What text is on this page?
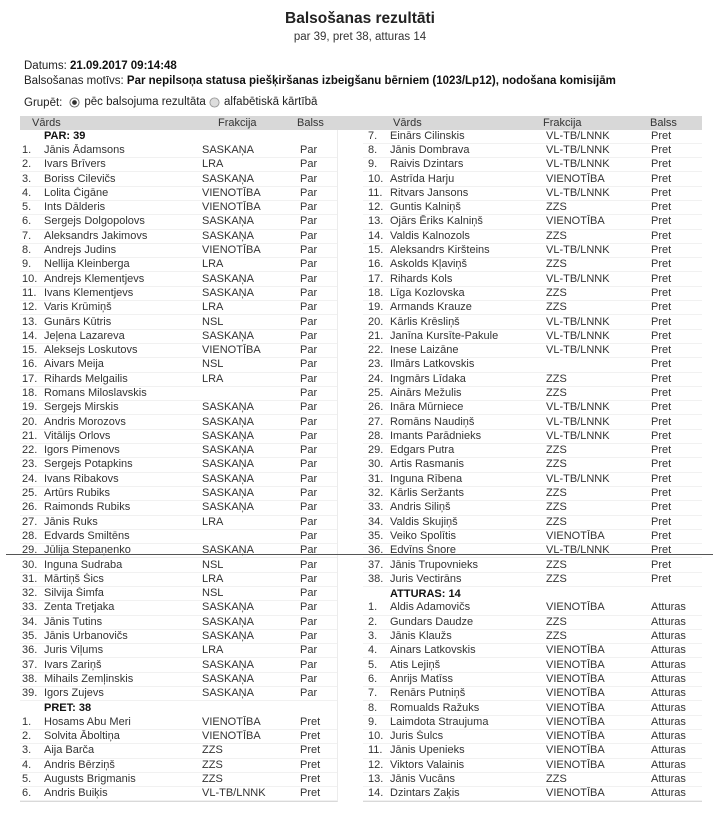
Balsošanas rezultāti
par 39, pret 38, atturas 14
Datums: 21.09.2017 09:14:48
Balsošanas motīvs: Par nepilsoņa statusa piešķiršanas izbeigšanu bērniem (1023/Lp12), nodošana komisijām
Grupēt: pēc balsojuma rezultāta
alfabētiskā kārtībā
Vārds	Frakcija	Balss	Vārds	Frakcija	Balss
PAR: 39
1.	Jānis Ādamsons	SASKAŅA	Par
2.	Ivars Brīvers	LRA	Par
3.	Boriss Cilevičs	SASKAŅA	Par
4.	Lolita Čigāne	VIENOTĪBA	Par
5.	Ints Dālderis	VIENOTĪBA	Par
6.	Sergejs Dolgopolovs	SASKAŅA	Par
7.	Aleksandrs Jakimovs	SASKAŅA	Par
8.	Andrejs Judins	VIENOTĪBA	Par
9.	Nellija Kleinberga	LRA	Par
10. Andrejs Klementjevs	SASKAŅA	Par
11. Ivans Klementjevs	SASKAŅA	Par
12. Varis Krūmiņš	LRA	Par
13. Gunārs Kūtris	NSL	Par
14. Jeļena Lazareva	SASKAŅA	Par
15. Aleksejs Loskutovs	VIENOTĪBA	Par
16. Aivars Meija	NSL	Par
17. Rihards Melgailis	LRA	Par
18. Romans Miloslavskis	Par
19. Sergejs Mirskis	SASKAŅA	Par
20. Andris Morozovs	SASKAŅA	Par
21. Vitālijs Orlovs	SASKAŅA	Par
22. Igors Pimenovs	SASKAŅA	Par
23. Sergejs Potapkins	SASKAŅA	Par
24. Ivans Ribakovs	SASKAŅA	Par
25. Artūrs Rubiks	SASKAŅA	Par
26. Raimonds Rubiks	SASKAŅA	Par
27. Jānis Ruks	LRA	Par
28. Edvards Smiltēns	Par
29. Jūlija Stepaņenko	SASKAŅA	Par
30. Inguna Sudraba	NSL	Par
31. Mārtiņš Šics	LRA	Par
32. Silvija Šimfa	NSL	Par
33. Zenta Tretjaka	SASKAŅA	Par
34. Jānis Tutins	SASKAŅA	Par
35. Jānis Urbanovičs	SASKAŅA	Par
36. Juris Viļums	LRA	Par
37. Ivars Zariņš	SASKAŅA	Par
38. Mihails Zemļinskis	SASKAŅA	Par
39. Igors Zujevs	SASKAŅA	Par
PRET: 38
1.	Hosams Abu Meri	VIENOTĪBA	Pret
2.	Solvita Āboltiņa	VIENOTĪBA	Pret
3.	Aija Barča	ZZS	Pret
4.	Andris Bērziņš	ZZS	Pret
5.	Augusts Brigmanis	ZZS	Pret
6.	Andris Buiķis	VL-TB/LNNK	Pret
7.	Einārs Cilinskis	VL-TB/LNNK	Pret
8.	Jānis Dombrava	VL-TB/LNNK	Pret
9.	Raivis Dzintars	VL-TB/LNNK	Pret
10. Astrīda Harju	VIENOTĪBA	Pret
11. Ritvars Jansons	VL-TB/LNNK	Pret
12. Guntis Kalniņš	ZZS	Pret
13. Ojārs Ēriks Kalniņš	VIENOTĪBA	Pret
14. Valdis Kalnozols	ZZS	Pret
15. Aleksandrs Kiršteins	VL-TB/LNNK	Pret
16. Askolds Kļaviņš	ZZS	Pret
17. Rihards Kols	VL-TB/LNNK	Pret
18. Līga Kozlovska	ZZS	Pret
19. Armands Krauze	ZZS	Pret
20. Kārlis Krēsliņš	VL-TB/LNNK	Pret
21. Janīna Kursīte-Pakule	VL-TB/LNNK	Pret
22. Inese Laizāne	VL-TB/LNNK	Pret
23. Ilmārs Latkovskis	Pret
24. Ingmārs Līdaka	ZZS	Pret
25. Ainārs Mežulis	ZZS	Pret
26. Ināra Mūrniece	VL-TB/LNNK	Pret
27. Romāns Naudiņš	VL-TB/LNNK	Pret
28. Imants Parādnieks	VL-TB/LNNK	Pret
29. Edgars Putra	ZZS	Pret
30. Artis Rasmanis	ZZS	Pret
31. Inguna Rībena	VL-TB/LNNK	Pret
32. Kārlis Seržants	ZZS	Pret
33. Andris Siliņš	ZZS	Pret
34. Valdis Skujiņš	ZZS	Pret
35. Veiko Spolītis	VIENOTĪBA	Pret
36. Edvīns Šnore	VL-TB/LNNK	Pret
37. Jānis Trupovnieks	ZZS	Pret
38. Juris Vectirāns	ZZS	Pret
ATTURAS: 14
1.	Aldis Adamovičs	VIENOTĪBA	Atturas
2.	Gundars Daudze	ZZS	Atturas
3.	Jānis Klaužs	ZZS	Atturas
4.	Ainars Latkovskis	VIENOTĪBA	Atturas
5.	Atis Lejiņš	VIENOTĪBA	Atturas
6.	Anrijs Matīss	VIENOTĪBA	Atturas
7.	Renārs Putniņš	VIENOTĪBA	Atturas
8.	Romualds Ražuks	VIENOTĪBA	Atturas
9.	Laimdota Straujuma	VIENOTĪBA	Atturas
10. Juris Šulcs	VIENOTĪBA	Atturas
11. Jānis Upenieks	VIENOTĪBA	Atturas
12. Viktors Valainis	VIENOTĪBA	Atturas
13. Jānis Vucāns	ZZS	Atturas
14. Dzintars Zaķis	VIENOTĪBA	Atturas
